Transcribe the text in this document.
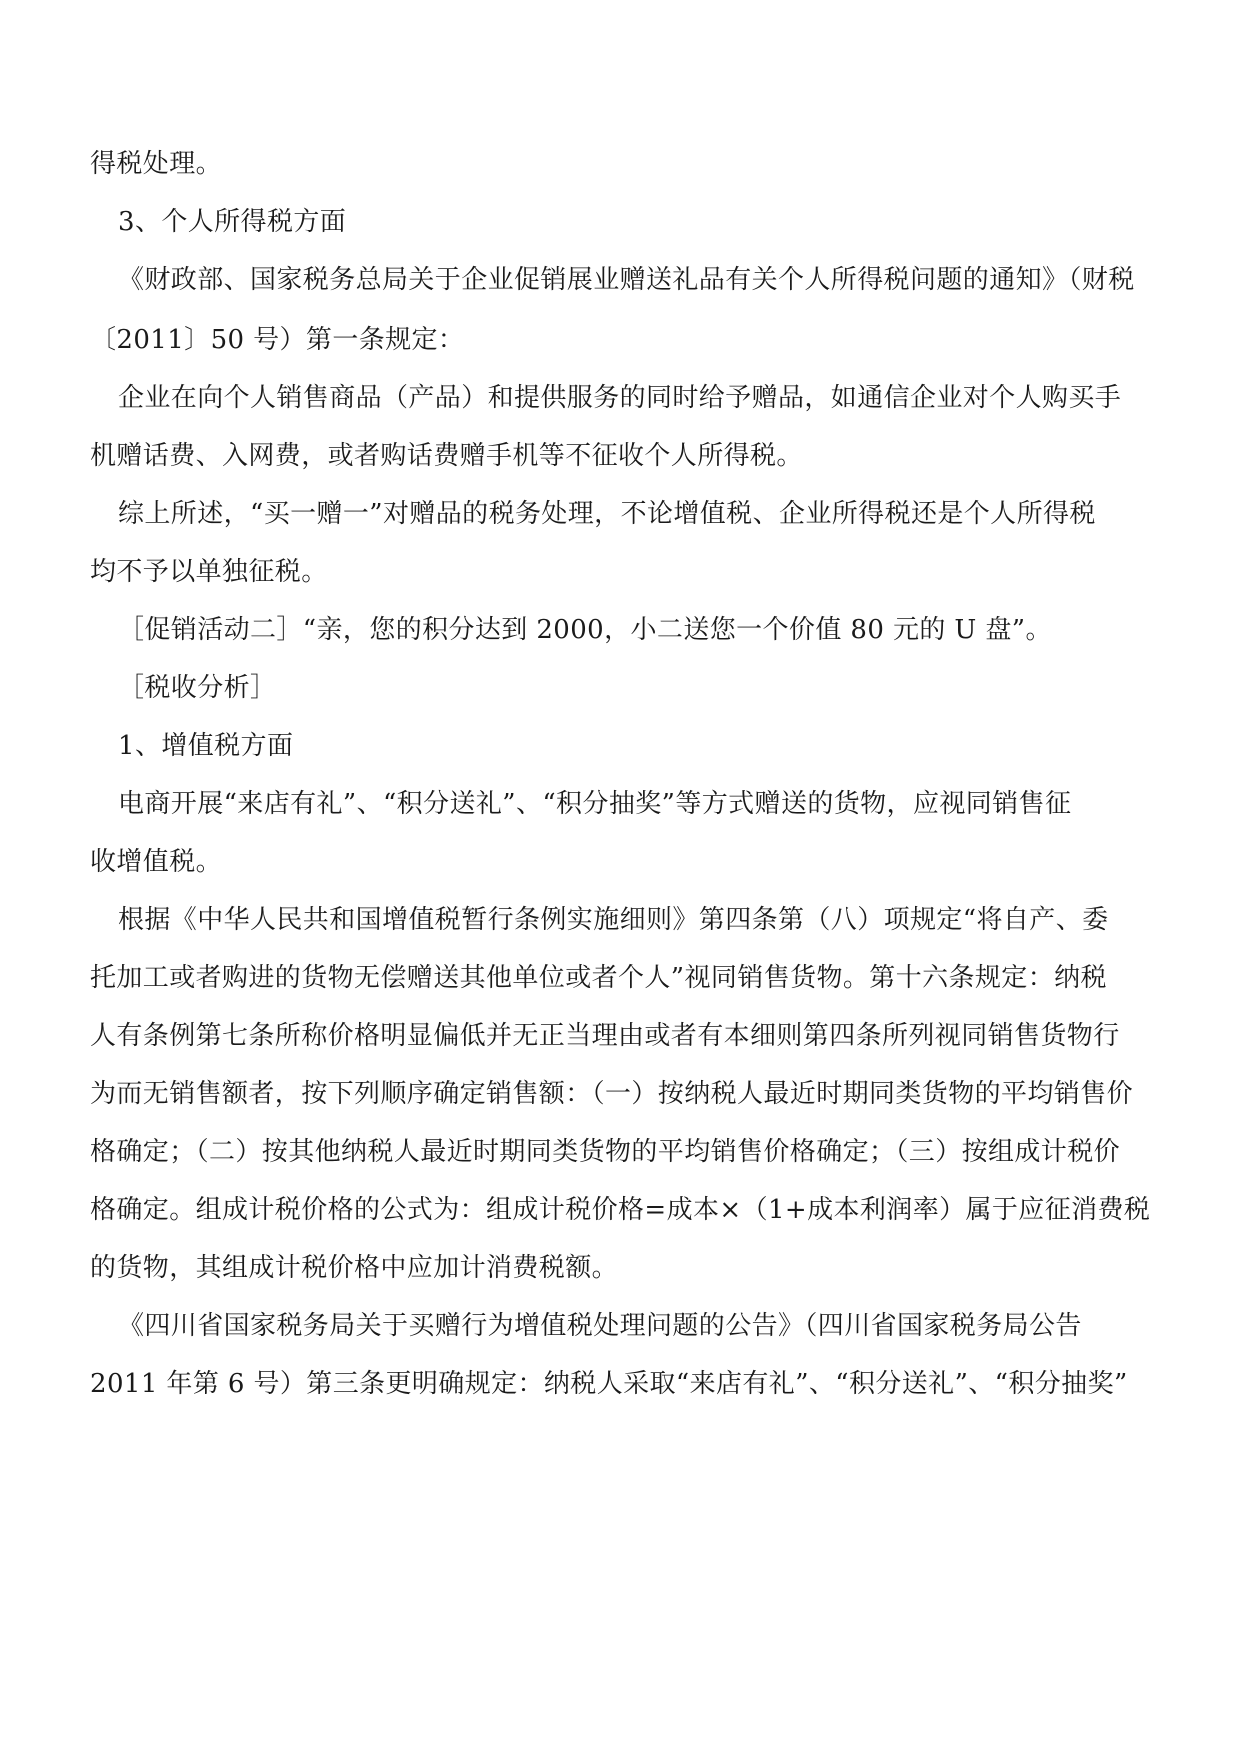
得税处理。
3、个人所得税方面
《财政部、国家税务总局关于企业促销展业赠送礼品有关个人所得税问题的通知》（财税
〔2011〕50 号）第一条规定：
企业在向个人销售商品（产品）和提供服务的同时给予赠品，如通信企业对个人购买手
机赠话费、入网费，或者购话费赠手机等不征收个人所得税。
综上所述，“买一赠一”对赠品的税务处理，不论增值税、企业所得税还是个人所得税
均不予以单独征税。
［促销活动二］“亲，您的积分达到 2000，小二送您一个价值 80 元的 U 盘”。
［税收分析］
1、增值税方面
电商开展“来店有礼”、“积分送礼”、“积分抽奖”等方式赠送的货物，应视同销售征
收增值税。
根据《中华人民共和国增值税暂行条例实施细则》第四条第（八）项规定“将自产、委
托加工或者购进的货物无偿赠送其他单位或者个人”视同销售货物。第十六条规定：纳税
人有条例第七条所称价格明显偏低并无正当理由或者有本细则第四条所列视同销售货物行
为而无销售额者，按下列顺序确定销售额：（一）按纳税人最近时期同类货物的平均销售价
格确定；（二）按其他纳税人最近时期同类货物的平均销售价格确定；（三）按组成计税价
格确定。组成计税价格的公式为：组成计税价格=成本×（1+成本利润率）属于应征消费税
的货物，其组成计税价格中应加计消费税额。
《四川省国家税务局关于买赠行为增值税处理问题的公告》（四川省国家税务局公告
2011 年第 6 号）第三条更明确规定：纳税人采取“来店有礼”、“积分送礼”、“积分抽奖”
